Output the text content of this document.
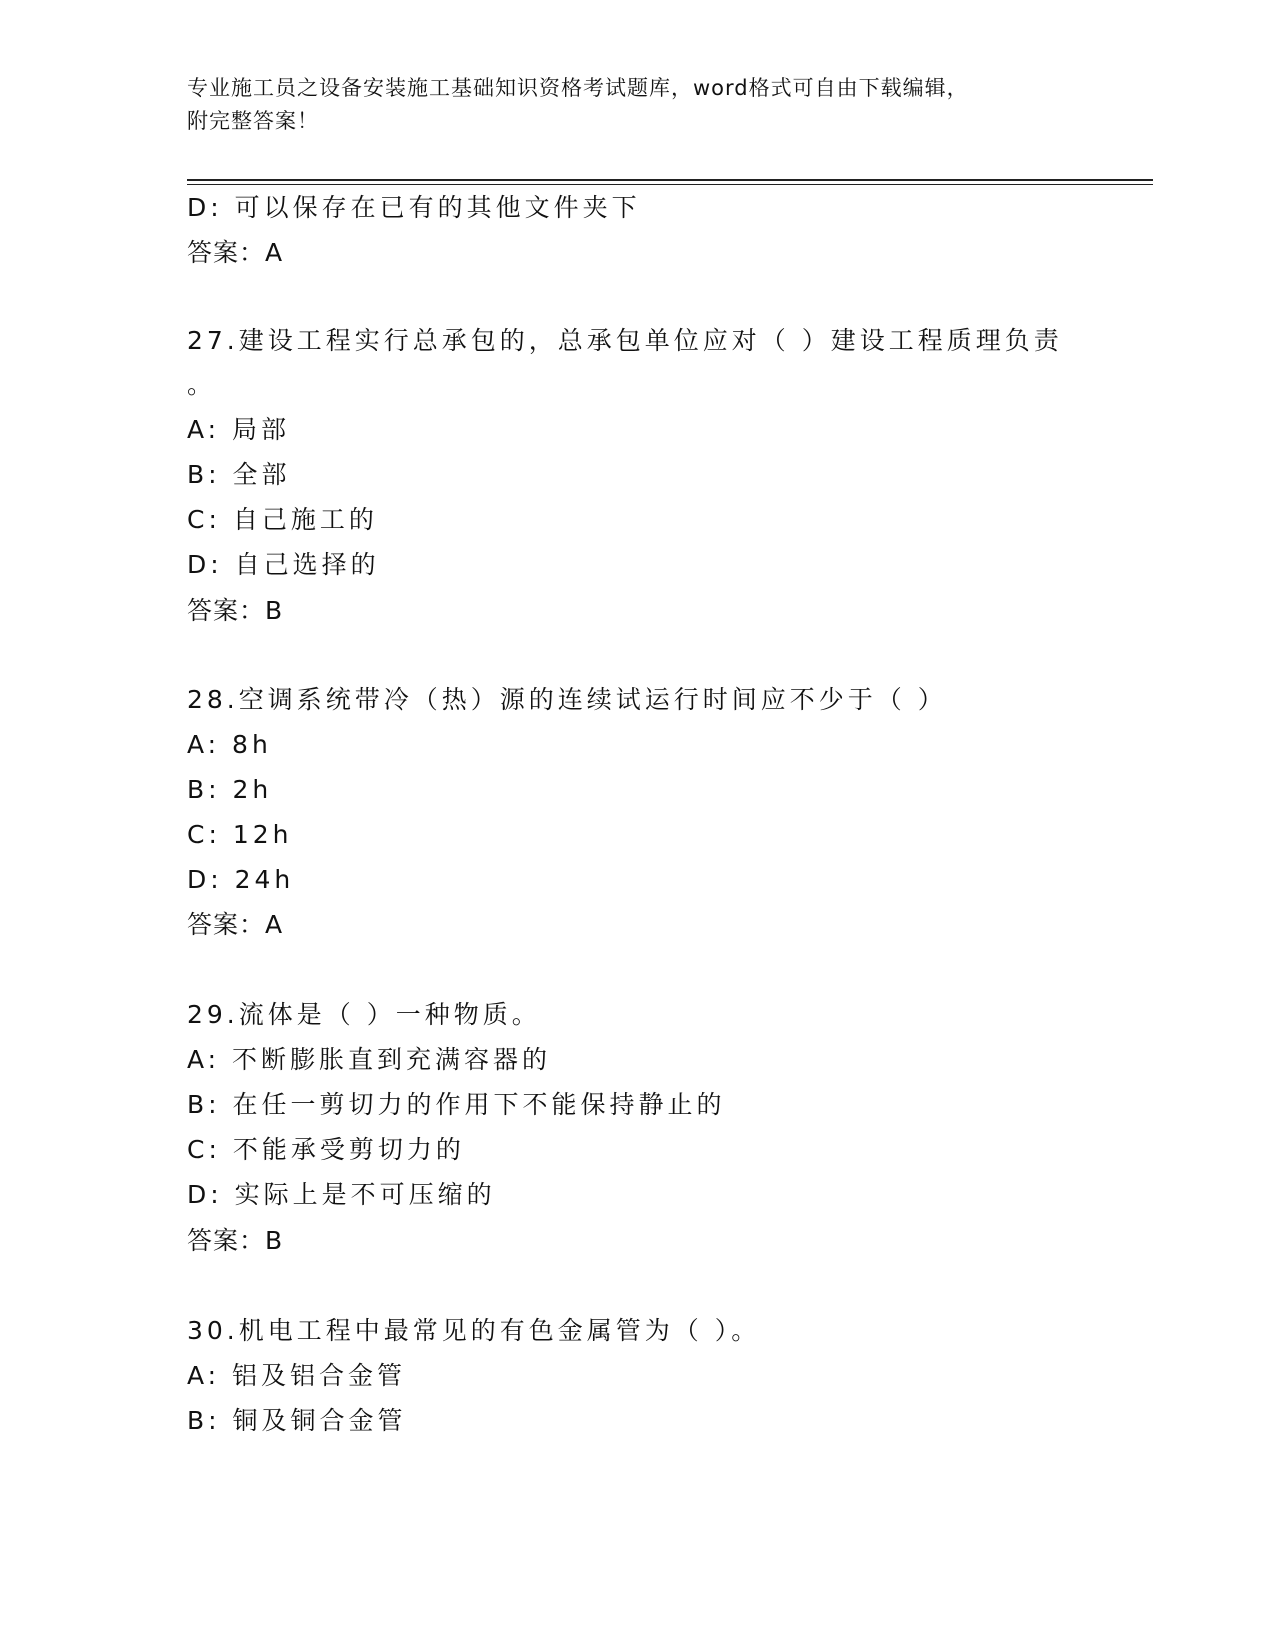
专业施工员之设备安装施工基础知识资格考试题库，word格式可自由下载编辑，
附完整答案！
D: 可以保存在已有的其他文件夹下
答案：A
27.建设工程实行总承包的，总承包单位应对（ ）建设工程质理负责
。
A: 局部
B: 全部
C: 自己施工的
D: 自己选择的
答案：B
28.空调系统带冷（热）源的连续试运行时间应不少于（ ）
A: 8h
B: 2h
C: 12h
D: 24h
答案：A
29.流体是（ ）一种物质。
A: 不断膨胀直到充满容器的
B: 在任一剪切力的作用下不能保持静止的
C: 不能承受剪切力的
D: 实际上是不可压缩的
答案：B
30.机电工程中最常见的有色金属管为（ ）。
A: 铝及铝合金管
B: 铜及铜合金管
